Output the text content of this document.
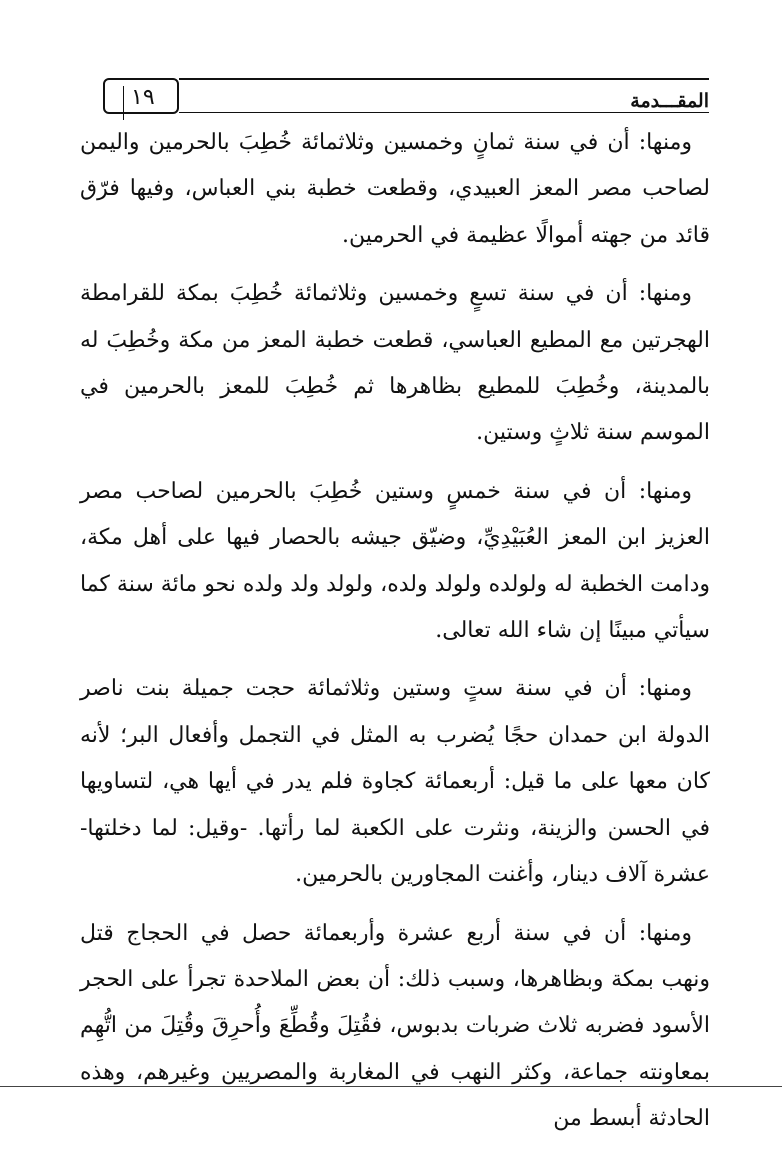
١٩	المقـــدمة

ومنها: أن في سنة ثمانٍ وخمسين وثلاثمائة خُطِبَ بالحرمين واليمن لصاحب مصر المعز العبيدي، وقطعت خطبة بني العباس، وفيها فرّق قائد من جهته أموالًا عظيمة في الحرمين.

ومنها: أن في سنة تسعٍ وخمسين وثلاثمائة خُطِبَ بمكة للقرامطة الهجرتين مع المطيع العباسي، قطعت خطبة المعز من مكة وخُطِبَ له بالمدينة، وخُطِبَ للمطيع بظاهرها ثم خُطِبَ للمعز بالحرمين في الموسم سنة ثلاثٍ وستين.

ومنها: أن في سنة خمسٍ وستين خُطِبَ بالحرمين لصاحب مصر العزيز ابن المعز العُبَيْدِيِّ، وضيّق جيشه بالحصار فيها على أهل مكة، ودامت الخطبة له ولولده ولولد ولده، ولولد ولد ولده نحو مائة سنة كما سيأتي مبينًا إن شاء الله تعالى.

ومنها: أن في سنة ستٍ وستين وثلاثمائة حجت جميلة بنت ناصر الدولة ابن حمدان حجًا يُضرب به المثل في التجمل وأفعال البر؛ لأنه كان معها على ما قيل: أربعمائة كجاوة فلم يدر في أيها هي، لتساويها في الحسن والزينة، ونثرت على الكعبة لما رأتها. -وقيل: لما دخلتها- عشرة آلاف دينار، وأغنت المجاورين بالحرمين.

ومنها: أن في سنة أربع عشرة وأربعمائة حصل في الحجاج قتل ونهب بمكة وبظاهرها، وسبب ذلك: أن بعض الملاحدة تجرأ على الحجر الأسود فضربه ثلاث ضربات بدبوس، فقُتِلَ وقُطِّعَ وأُحرِقَ وقُتِلَ من اتُّهِم بمعاونته جماعة، وكثر النهب في المغاربة والمصريين وغيرهم، وهذه الحادثة أبسط من
